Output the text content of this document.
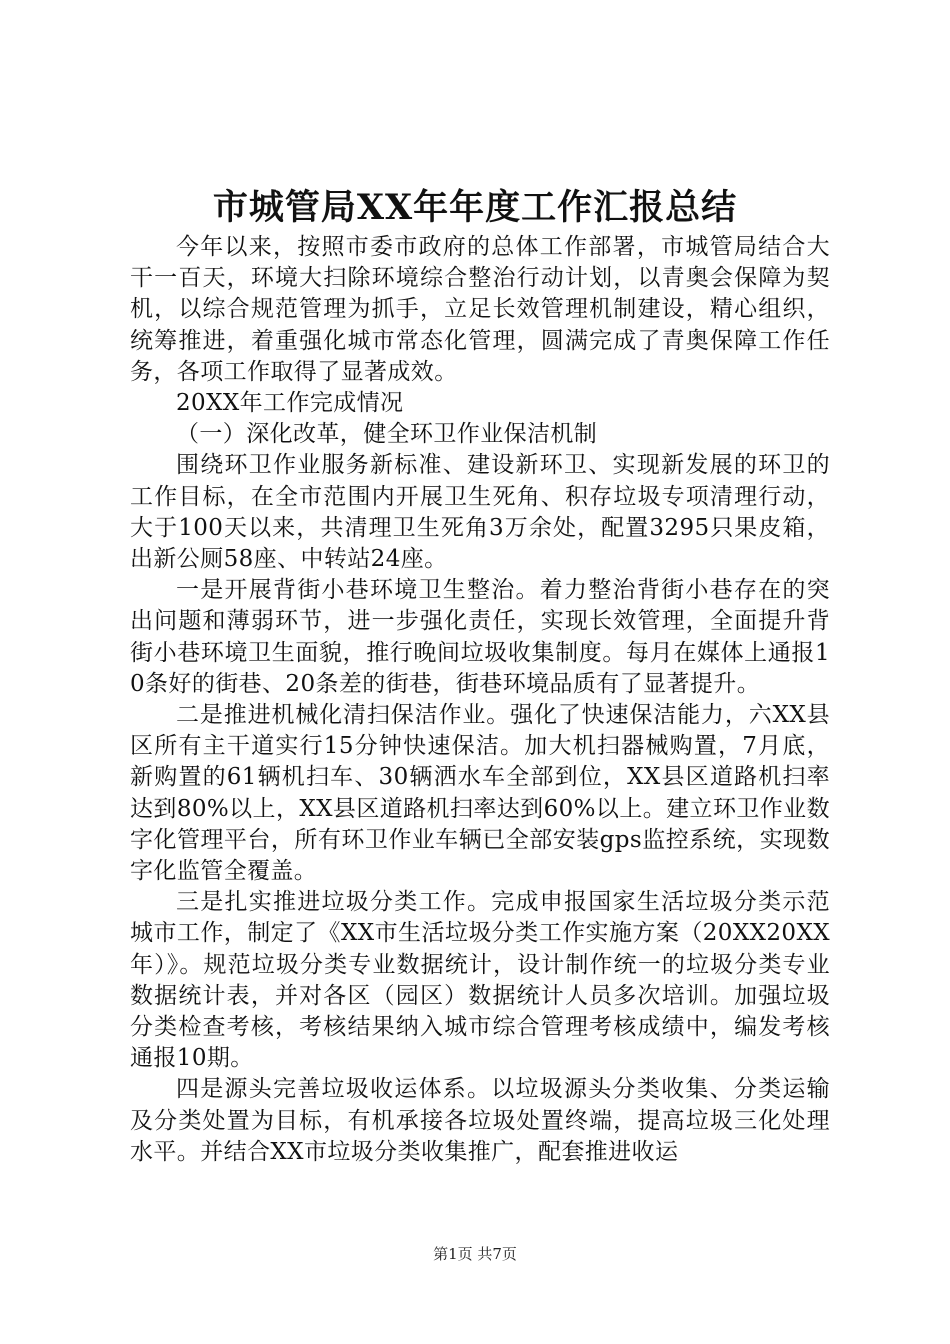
市城管局XX年年度工作汇报总结

今年以来，按照市委市政府的总体工作部署，市城管局结合大干一百天，环境大扫除环境综合整治行动计划，以青奥会保障为契机，以综合规范管理为抓手，立足长效管理机制建设，精心组织，统筹推进，着重强化城市常态化管理，圆满完成了青奥保障工作任务，各项工作取得了显著成效。

20XX年工作完成情况

（一）深化改革，健全环卫作业保洁机制

围绕环卫作业服务新标准、建设新环卫、实现新发展的环卫的工作目标，在全市范围内开展卫生死角、积存垃圾专项清理行动，大于100天以来，共清理卫生死角3万余处，配置3295只果皮箱，出新公厕58座、中转站24座。

一是开展背街小巷环境卫生整治。着力整治背街小巷存在的突出问题和薄弱环节，进一步强化责任，实现长效管理，全面提升背街小巷环境卫生面貌，推行晚间垃圾收集制度。每月在媒体上通报10条好的街巷、20条差的街巷，街巷环境品质有了显著提升。

二是推进机械化清扫保洁作业。强化了快速保洁能力，六XX县区所有主干道实行15分钟快速保洁。加大机扫器械购置，7月底，新购置的61辆机扫车、30辆洒水车全部到位，XX县区道路机扫率达到80%以上，XX县区道路机扫率达到60%以上。建立环卫作业数字化管理平台，所有环卫作业车辆已全部安装gps监控系统，实现数字化监管全覆盖。

三是扎实推进垃圾分类工作。完成申报国家生活垃圾分类示范城市工作，制定了《XX市生活垃圾分类工作实施方案（20XX20XX年）》。规范垃圾分类专业数据统计，设计制作统一的垃圾分类专业数据统计表，并对各区（园区）数据统计人员多次培训。加强垃圾分类检查考核，考核结果纳入城市综合管理考核成绩中，编发考核通报10期。

四是源头完善垃圾收运体系。以垃圾源头分类收集、分类运输及分类处置为目标，有机承接各垃圾处置终端，提高垃圾三化处理水平。并结合XX市垃圾分类收集推广，配套推进收运

第1页 共7页
